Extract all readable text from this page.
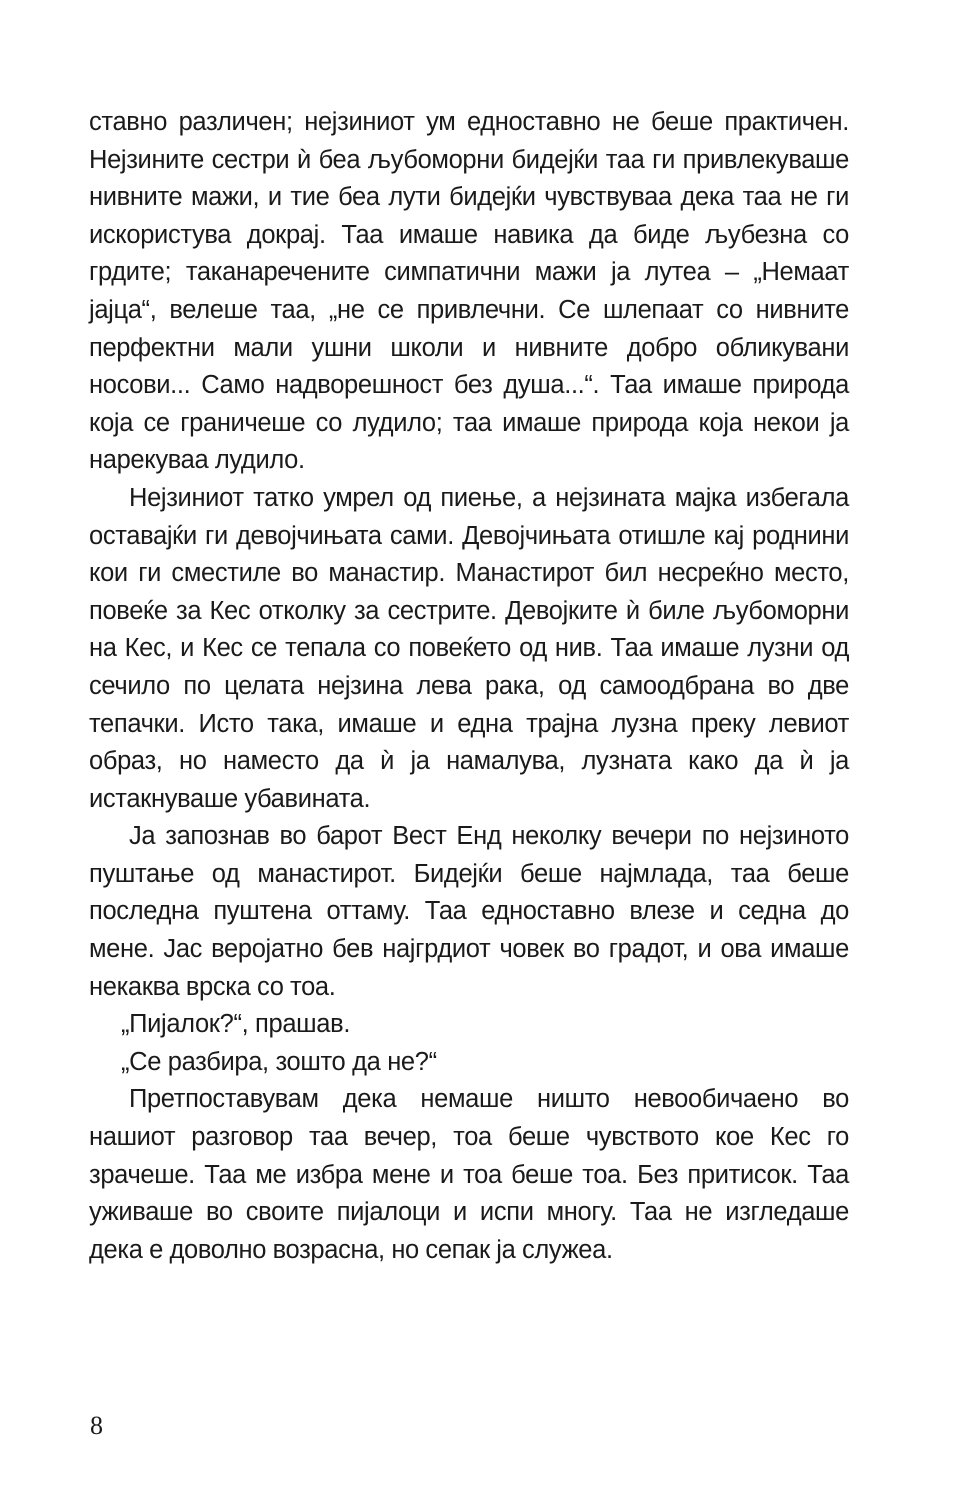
ставно различен; нејзиниот ум едноставно не беше практичен. Нејзините сестри ѝ беа љубоморни бидејќи таа ги привлекуваше нивните мажи, и тие беа лути бидејќи чувствуваа дека таа не ги искористува докрај. Таа имаше навика да биде љубезна со грдите; таканаречените симпатични мажи ја лутеа – „Немаат јајца“, велеше таа, „не се привлечни. Се шлепаат со нивните перфектни мали ушни школи и нивните добро обликувани носови... Само надворешност без душа...“. Таа имаше природа која се граничеше со лудило; таа имаше природа која некои ја нарекуваа лудило.

Нејзиниот татко умрел од пиење, а нејзината мајка избегала оставајќи ги девојчињата сами. Девојчињата отишле кај роднини кои ги сместиле во манастир. Манастирот бил несреќно место, повеќе за Кес отколку за сестрите. Девојките ѝ биле љубоморни на Кес, и Кес се тепала со повеќето од нив. Таа имаше лузни од сечило по целата нејзина лева рака, од самоодбрана во две тепачки. Исто така, имаше и една трајна лузна преку левиот образ, но наместо да ѝ ја намалува, лузната како да ѝ ја истакнуваше убавината.

Ја запознав во барот Вест Енд неколку вечери по нејзиното пуштање од манастирот. Бидејќи беше најмлада, таа беше последна пуштена оттаму. Таа едноставно влезе и седна до мене. Јас веројатно бев најгрдиот човек во градот, и ова имаше некаква врска со тоа.

„Пијалок?“, прашав.

„Се разбира, зошто да не?“

Претпоставувам дека немаше ништо невообичаено во нашиот разговор таа вечер, тоа беше чувството кое Кес го зрачеше. Таа ме избра мене и тоа беше тоа. Без притисок. Таа уживаше во своите пијалоци и испи многу. Таа не изгледаше дека е доволно возрасна, но сепак ја служеа.

8
